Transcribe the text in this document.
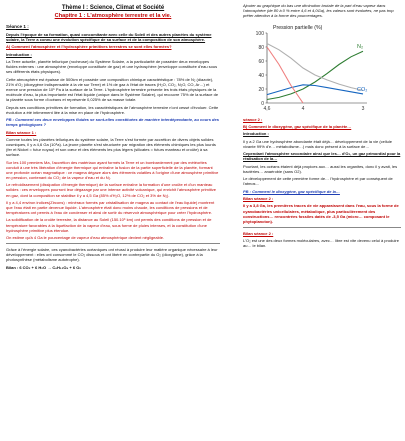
Thème I : Science, Climat et Société
Chapitre 1 : L'atmosphère terrestre et la vie.
Séance 1 :

Depuis l'époque de sa formation, quasi concomitante avec celle du Soleil et des autres planètes du système solaire, la Terre a connu une évolution spécifique de sa surface et de la composition de son atmosphère.

A) Comment l'atmosphère et l'hydrosphère primitives terrestres se sont elles formées?

Introduction :

La Terre actuelle, planète tellurique (rocheuse) du Système Solaire, a la particularité de posséder deux enveloppes fluides externes : une atmosphère (enveloppe constituée de gaz) et une hydrosphère (enveloppe constituée d'eau sous ses différents états physiques).

Cette atmosphère est épaisse de 500km et possède une composition chimique caractéristique : 78% de N₂ (diazote), 21% d'O₂ (dioxygène indispensable à la vie sur Terre) et 1% de gaz à l'état de traces (H₂O, CO₂, N₂O, CO, Ar…) et exerce une pression de 10⁵ Pa à la surface de la Terre. L'hydrosphère terrestre présente les trois états physiques de la molécule d'eau, la plus importante est l'état liquide (unique dans le Système Solaire), qui recouvre 75% de la surface de la planète sous forme d'océans et représente 0,025% de sa masse totale.

Depuis ses conditions primitives de formation, les caractéristiques de l'atmosphère terrestre n'ont cessé d'évoluer. Cette évolution a été intimement liée à la mise en place de l'hydrosphère.

PB : Comment ces deux enveloppes fluides se sont-elles constituées de manière interdépendante, au cours des temps géologiques ?

Bilan séance 1 :

Comme toutes les planètes telluriques du système solaire, la Terre s'est formée par accrétion de divers objets solides cosmiques, il y a 4,6 Ga (10⁹a). La jeune planète s'est structurée par migration des éléments chimiques les plus lourds (fer et Nickel = futur noyau) et son cœur et des éléments les plus légers (silicates = futurs manteau et croûte) à sa surface.

Sur les 100 premiers Ma, l'accrétion des matériaux ayant formés la Terre et un bombardement par des météorites conduit à une très libération d'énergie thermique qui entraîne la fusion de la partie superficielle de la planète, formant une profonde océan magmatique : ce magma dégaze alors des éléments volatiles à l'origine d'une atmosphère primitive en pression, contenant du CO₂ de la vapeur d'eau et du N₂.

Le refroidissement (dissipation d'énergie thermique) de la surface entraîne la formation d'une croûte et d'un manteau solides : ces enveloppes pourront leur dégazage par une intense activité volcanique, qui enrichit l'atmosphère primitive en gaz, dont la composition se stabilise il y a 4,5 Ga (85% d'H₂O, 12% de CO₂ et 3% de N₂).

Il y a 4,4 environ indices(Zircons) : minéraux formés par cristallisation de magma au contact de l'eau liquide) montrent que l'eau était en partie devenue liquide. L'atmosphère était donc moins chaude, les conditions de pressions et de températures ont permis à l'eau de condenser et ainsi de sortir du réservoir atmosphérique pour créer l'hydrosphère.

La solidification de la croûte terrestre, la distance au Soleil (150.10⁶ km) ont permis des conditions de pression et de température favorables à la liquéfaction de la vapeur d'eau, sous forme de pluies intenses, et la constitution d'une hydrosphère primitive plus étendue.

On estime qu'à 4 Ga le pourcentage de vapeur d'eau atmosphérique devient négligeable.

Grâce à l'énergie solaire, ces cyanobactéries océaniques ont réussi à produire leur matière organique nécessaire à leur développement : elles ont consommé le CO₂ dissous et ont libéré en contrepartie du O₂ (dioxygène), grâce à la photosynthèse (métabolisme autotrophe).

Bilan : 6 CO₂ + 6 H₂O → C₆H₁₂O₆ + 6 O₂

Ajouter au graphique du bas une diminution brutale de la part d'eau vapeur dans l'atmosphère (de 80 à 0 % entre 4,6 et 4,0Ga), les valeurs sont évaluées, ne pas trop prêter attention à la forme des pourcentages.

Pression partielle (%)
0
20
40
60
80
100
4,6	4	3
N₂
CO₂

séance 2 :

B) Comment le dioxygène, gaz spécifique de la planète…

Introduction :

Il y a 2 Ga une hydrosphère abondante était déjà… développement de la vie (cellule vivante 99% d'e… métabolisme…) mais donc présent à la surface de…

Cependant l'atmosphère secondaire ainsi que les… d'O₂, un gaz primordial pour la réalisation de la…

Pourtant, les océans étaient déjà propices aux… aussi les organites, donc il y avait, les bactéries… anaérobie (sans O2).

Le développement de cette première forme de… l'hydrosphère et par conséquent de l'atmos…

PB : Comment le dioxygène, gaz spécifique de la…

Bilan séance 2 :

Il y a 3,8 Ga, les premières traces de vie apparaissent dans l'eau, sous la forme de cyanobactéries unicellulaires, métabolique, plus particulièrement des constructions… rencontrées fossiles datés de -3,5 Ga (micro… composant le phytoplancton).

Bilan séance 2 :

L'O₂ est une des deux formes moléculaires, avec… libre est vite devenu celui à produire au… le bilan.
